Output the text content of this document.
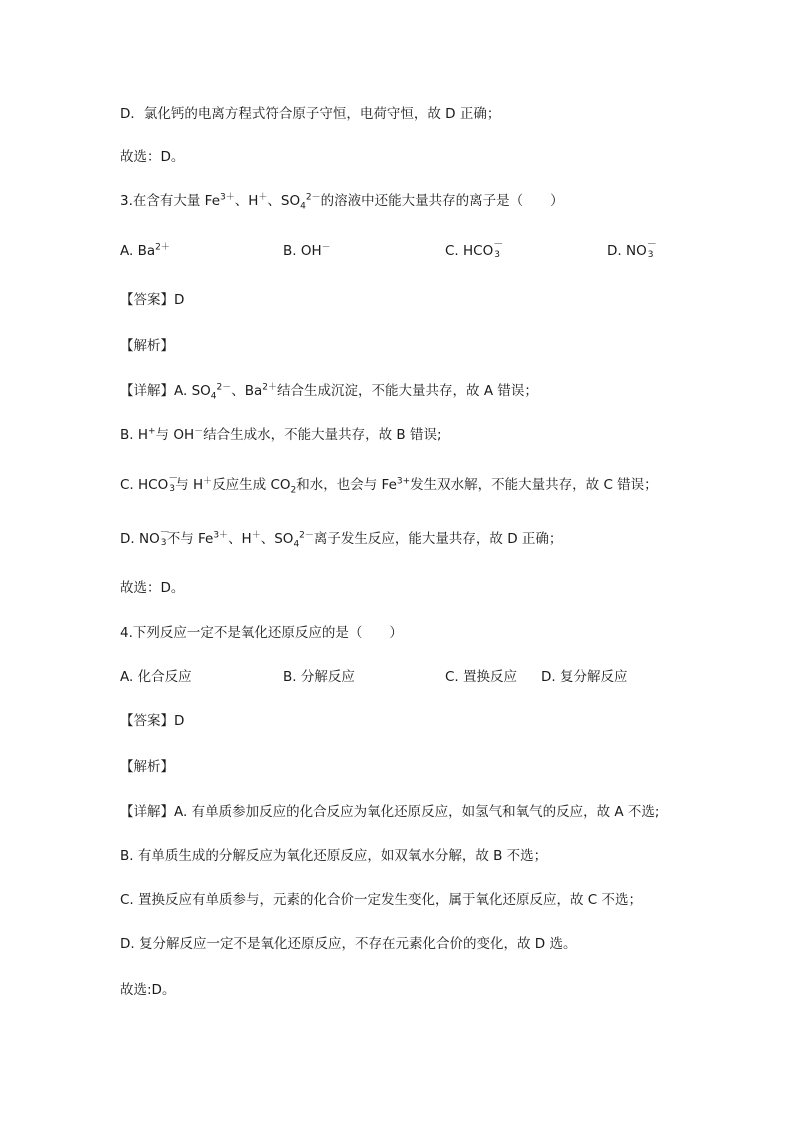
D．氯化钙的电离方程式符合原子守恒，电荷守恒，故 D 正确；
故选：D。
3.在含有大量 $Fe^{3+}$、H＋、$SO_4^{2-}$的溶液中还能大量共存的离子是（　　）
A. $Ba^{2+}$	B. OH－	C. HCO －
3	D. NO －
3
【答案】D
【解析】
【详解】A. $SO_4^{2-}$、$Ba^{2+}$结合生成沉淀，不能大量共存，故 A 错误；
B. H+与 OH－结合生成水，不能大量共存，故 B 错误;
C. HCO －
3 与 H＋反应生成 $CO_2$和水，也会与 $Fe^{3+}$发生双水解，不能大量共存，故 C 错误；
D. NO －
3 不与 $Fe^{3+}$、H＋、$SO_4^{2-}$离子发生反应，能大量共存，故 D 正确；
故选：D。
4.下列反应一定不是氧化还原反应的是（　　）
A. 化合反应	B. 分解反应	C. 置换反应 D. 复分解反应
【答案】D
【解析】
【详解】A. 有单质参加反应的化合反应为氧化还原反应，如氢气和氧气的反应，故 A 不选;
B. 有单质生成的分解反应为氧化还原反应，如双氧水分解，故 B 不选；
C. 置换反应有单质参与，元素的化合价一定发生变化，属于氧化还原反应，故 C 不选；
D. 复分解反应一定不是氧化还原反应，不存在元素化合价的变化，故 D 选。
故选:D。
